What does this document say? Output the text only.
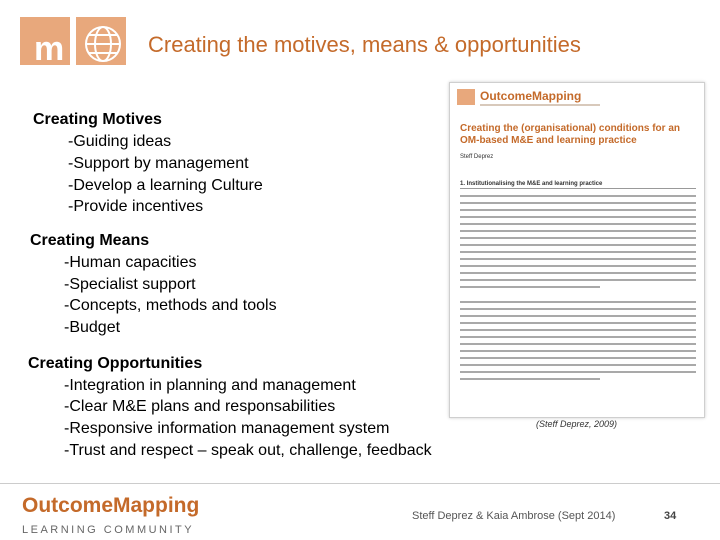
m	Creating the motives, means & opportunities
Creating Motives
-Guiding ideas
-Support by management
-Develop a learning Culture
-Provide incentives
Creating Means
-Human capacities
-Specialist support
-Concepts, methods and tools
-Budget
Creating Opportunities
-Integration in planning and management
-Clear M&E plans and responsabilities
-Responsive information management system
-Trust and respect – speak out, challenge, feedback
OutcomeMapping
Creating the (organisational) conditions for an OM-based M&E and learning practice
Steff Deprez
1. Institutionalising the M&E and learning practice
(Steff Deprez, 2009)
OutcomeMapping
LEARNING COMMUNITY
Steff Deprez & Kaia Ambrose (Sept 2014)	34
